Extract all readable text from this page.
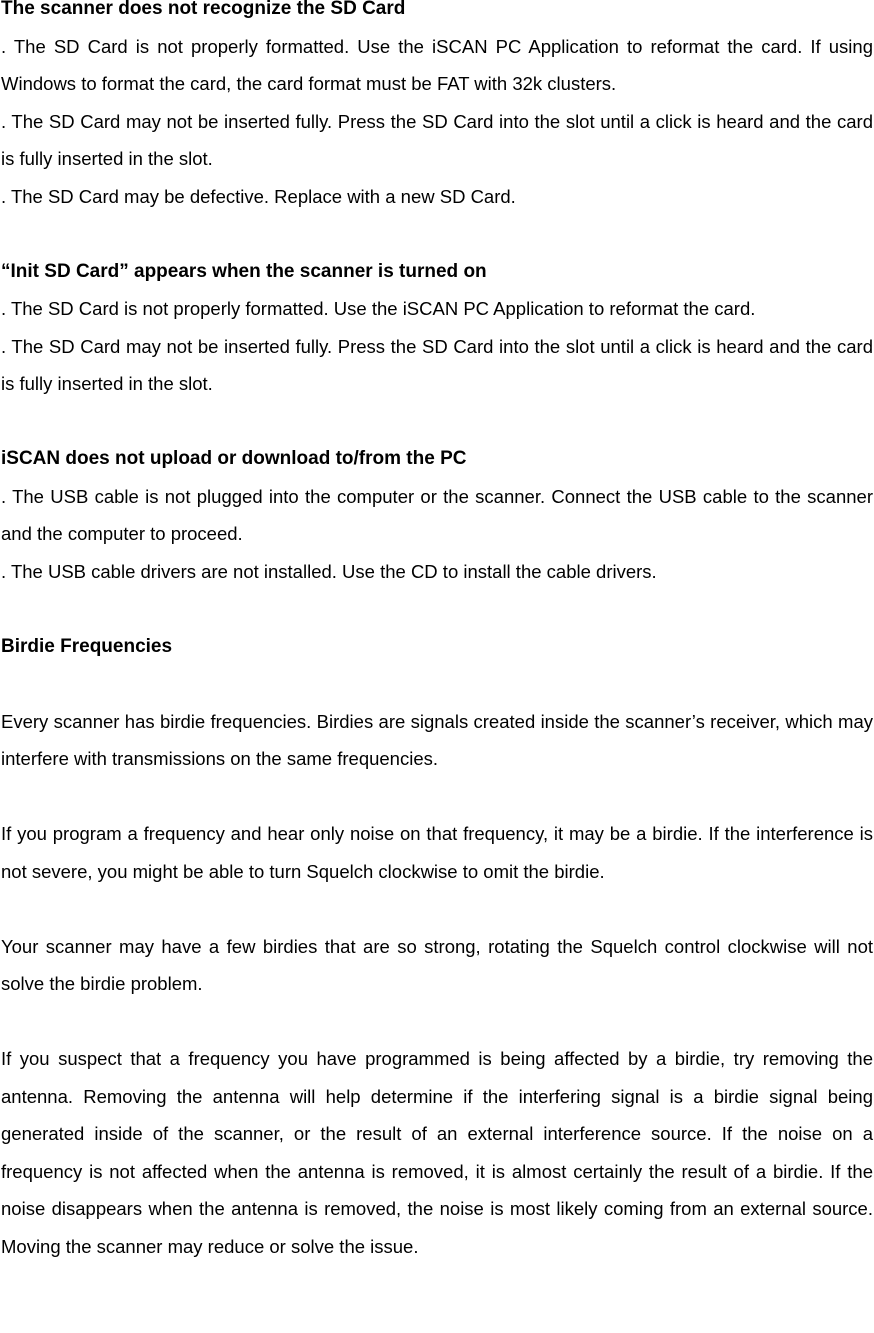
The scanner does not recognize the SD Card

. The SD Card is not properly formatted. Use the iSCAN PC Application to reformat the card. If using Windows to format the card, the card format must be FAT with 32k clusters.

. The SD Card may not be inserted fully. Press the SD Card into the slot until a click is heard and the card is fully inserted in the slot.

. The SD Card may be defective. Replace with a new SD Card.

“Init SD Card” appears when the scanner is turned on

. The SD Card is not properly formatted. Use the iSCAN PC Application to reformat the card.

. The SD Card may not be inserted fully. Press the SD Card into the slot until a click is heard and the card is fully inserted in the slot.

iSCAN does not upload or download to/from the PC

. The USB cable is not plugged into the computer or the scanner. Connect the USB cable to the scanner and the computer to proceed.

. The USB cable drivers are not installed. Use the CD to install the cable drivers.

Birdie Frequencies

Every scanner has birdie frequencies. Birdies are signals created inside the scanner’s receiver, which may interfere with transmissions on the same frequencies.

If you program a frequency and hear only noise on that frequency, it may be a birdie. If the interference is not severe, you might be able to turn Squelch clockwise to omit the birdie.

Your scanner may have a few birdies that are so strong, rotating the Squelch control clockwise will not solve the birdie problem.

If you suspect that a frequency you have programmed is being affected by a birdie, try removing the antenna. Removing the antenna will help determine if the interfering signal is a birdie signal being generated inside of the scanner, or the result of an external interference source. If the noise on a frequency is not affected when the antenna is removed, it is almost certainly the result of a birdie. If the noise disappears when the antenna is removed, the noise is most likely coming from an external source. Moving the scanner may reduce or solve the issue.
